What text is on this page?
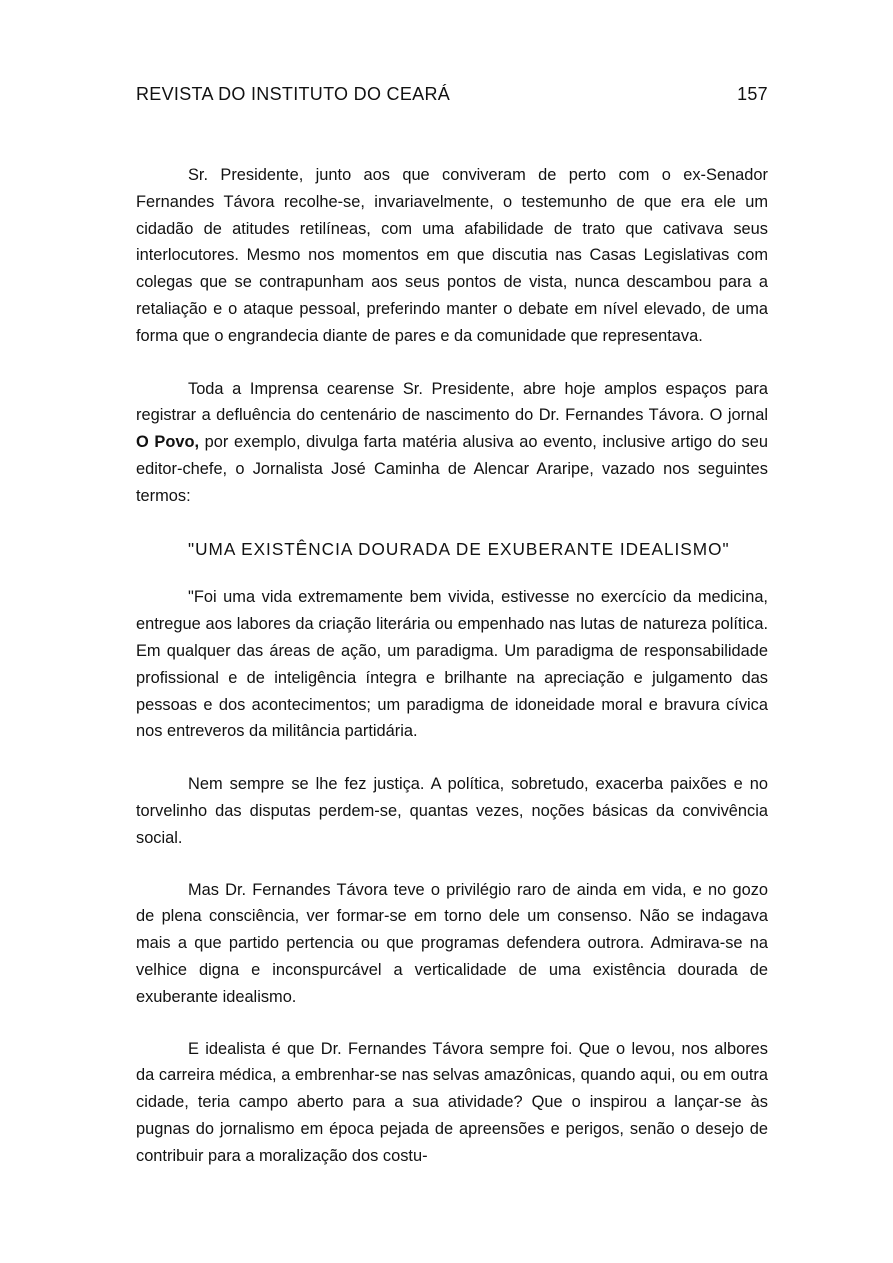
REVISTA DO INSTITUTO DO CEARÁ	157

Sr. Presidente, junto aos que conviveram de perto com o ex-Senador Fernandes Távora recolhe-se, invariavelmente, o testemunho de que era ele um cidadão de atitudes retilíneas, com uma afabilidade de trato que cativava seus interlocutores. Mesmo nos momentos em que discutia nas Casas Legislativas com colegas que se contrapunham aos seus pontos de vista, nunca descambou para a retaliação e o ataque pessoal, preferindo manter o debate em nível elevado, de uma forma que o engrandecia diante de pares e da comunidade que representava.

Toda a Imprensa cearense Sr. Presidente, abre hoje amplos espaços para registrar a defluência do centenário de nascimento do Dr. Fernandes Távora. O jornal O Povo, por exemplo, divulga farta matéria alusiva ao evento, inclusive artigo do seu editor-chefe, o Jornalista José Caminha de Alencar Araripe, vazado nos seguintes termos:

"UMA EXISTÊNCIA DOURADA DE EXUBERANTE IDEALISMO"

"Foi uma vida extremamente bem vivida, estivesse no exercício da medicina, entregue aos labores da criação literária ou empenhado nas lutas de natureza política. Em qualquer das áreas de ação, um paradigma. Um paradigma de responsabilidade profissional e de inteligência íntegra e brilhante na apreciação e julgamento das pessoas e dos acontecimentos; um paradigma de idoneidade moral e bravura cívica nos entreveros da militância partidária.

Nem sempre se lhe fez justiça. A política, sobretudo, exacerba paixões e no torvelinho das disputas perdem-se, quantas vezes, noções básicas da convivência social.

Mas Dr. Fernandes Távora teve o privilégio raro de ainda em vida, e no gozo de plena consciência, ver formar-se em torno dele um consenso. Não se indagava mais a que partido pertencia ou que programas defendera outrora. Admirava-se na velhice digna e inconspurcável a verticalidade de uma existência dourada de exuberante idealismo.

E idealista é que Dr. Fernandes Távora sempre foi. Que o levou, nos albores da carreira médica, a embrenhar-se nas selvas amazônicas, quando aqui, ou em outra cidade, teria campo aberto para a sua atividade? Que o inspirou a lançar-se às pugnas do jornalismo em época pejada de apreensões e perigos, senão o desejo de contribuir para a moralização dos costu-
